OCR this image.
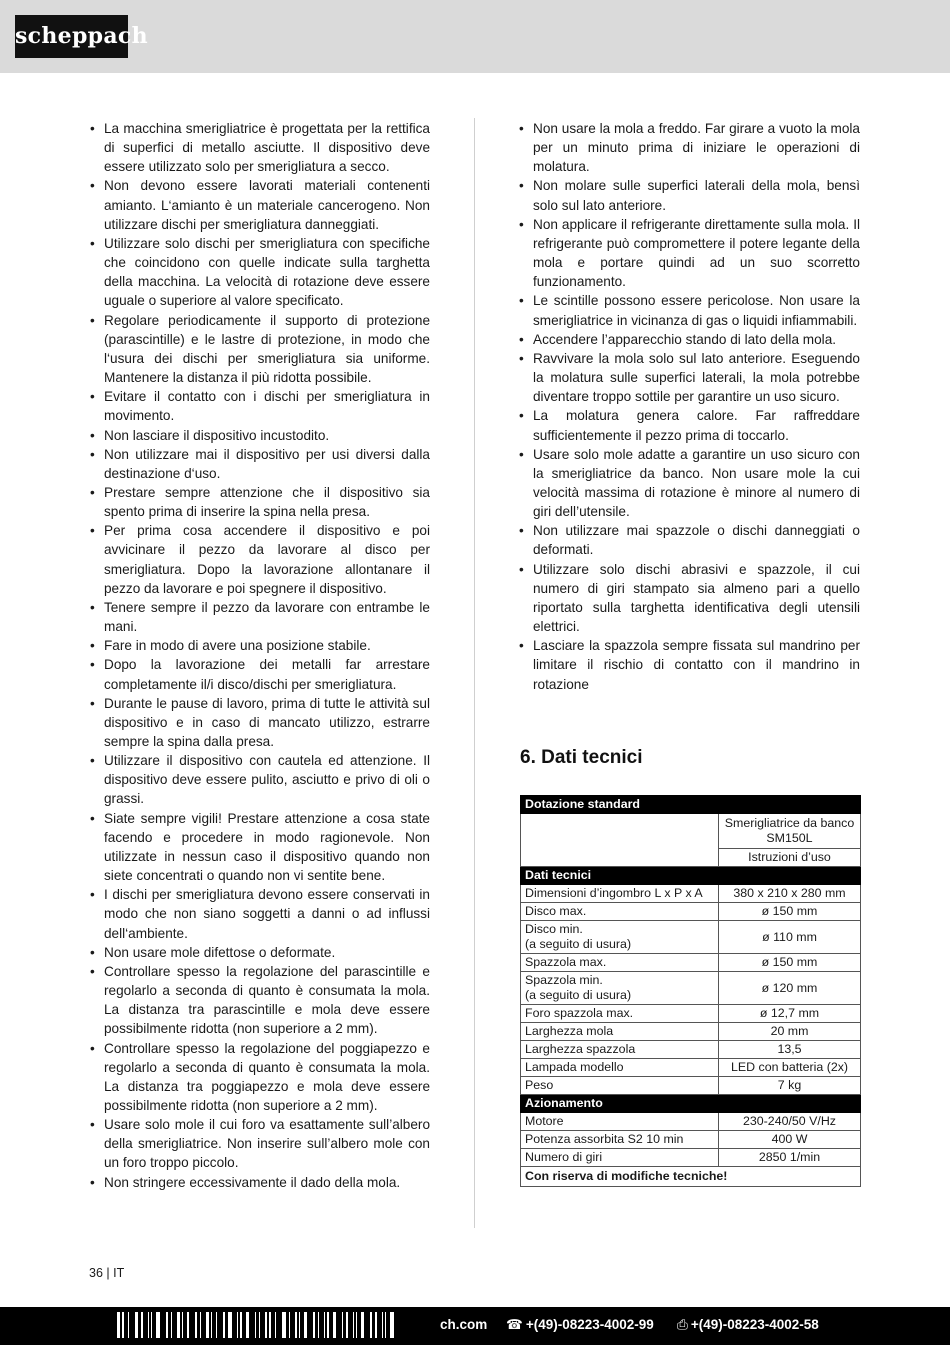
scheppach
• La macchina smerigliatrice è progettata per la rettifica di superfici di metallo asciutte. Il dispositivo deve essere utilizzato solo per smerigliatura a secco.
• Non devono essere lavorati materiali contenenti amianto. L‘amianto è un materiale cancerogeno. Non utilizzare dischi per smerigliatura danneggiati.
• Utilizzare solo dischi per smerigliatura con specifiche che coincidono con quelle indicate sulla targhetta della macchina. La velocità di rotazione deve essere uguale o superiore al valore specificato.
• Regolare periodicamente il supporto di protezione (parascintille) e le lastre di protezione, in modo che l‘usura dei dischi per smerigliatura sia uniforme. Mantenere la distanza il più ridotta possibile.
• Evitare il contatto con i dischi per smerigliatura in movimento.
• Non lasciare il dispositivo incustodito.
• Non utilizzare mai il dispositivo per usi diversi dalla destinazione d‘uso.
• Prestare sempre attenzione che il dispositivo sia spento prima di inserire la spina nella presa.
• Per prima cosa accendere il dispositivo e poi avvicinare il pezzo da lavorare al disco per smerigliatura. Dopo la lavorazione allontanare il pezzo da lavorare e poi spegnere il dispositivo.
• Tenere sempre il pezzo da lavorare con entrambe le mani.
• Fare in modo di avere una posizione stabile.
• Dopo la lavorazione dei metalli far arrestare completamente il/i disco/dischi per smerigliatura.
• Durante le pause di lavoro, prima di tutte le attività sul dispositivo e in caso di mancato utilizzo, estrarre sempre la spina dalla presa.
• Utilizzare il dispositivo con cautela ed attenzione. Il dispositivo deve essere pulito, asciutto e privo di oli o grassi.
• Siate sempre vigili! Prestare attenzione a cosa state facendo e procedere in modo ragionevole. Non utilizzate in nessun caso il dispositivo quando non siete concentrati o quando non vi sentite bene.
• I dischi per smerigliatura devono essere conservati in modo che non siano soggetti a danni o ad influssi dell‘ambiente.
• Non usare mole difettose o deformate.
• Controllare spesso la regolazione del parascintille e regolarlo a seconda di quanto è consumata la mola. La distanza tra parascintille e mola deve essere possibilmente ridotta (non superiore a 2 mm).
• Controllare spesso la regolazione del poggiapezzo e regolarlo a seconda di quanto è consumata la mola. La distanza tra poggiapezzo e mola deve essere possibilmente ridotta (non superiore a 2 mm).
• Usare solo mole il cui foro va esattamente sull’albero della smerigliatrice. Non inserire sull’albero mole con un foro troppo piccolo.
• Non stringere eccessivamente il dado della mola.
• Non usare la mola a freddo. Far girare a vuoto la mola per un minuto prima di iniziare le operazioni di molatura.
• Non molare sulle superfici laterali della mola, bensì solo sul lato anteriore.
• Non applicare il refrigerante direttamente sulla mola. Il refrigerante può compromettere il potere legante della mola e portare quindi ad un suo scorretto funzionamento.
• Le scintille possono essere pericolose. Non usare la smerigliatrice in vicinanza di gas o liquidi infiammabili.
• Accendere l’apparecchio stando di lato della mola.
• Ravvivare la mola solo sul lato anteriore. Eseguendo la molatura sulle superfici laterali, la mola potrebbe diventare troppo sottile per garantire un uso sicuro.
• La molatura genera calore. Far raffreddare sufficientemente il pezzo prima di toccarlo.
• Usare solo mole adatte a garantire un uso sicuro con la smerigliatrice da banco. Non usare mole la cui velocità massima di rotazione è minore al numero di giri dell’utensile.
• Non utilizzare mai spazzole o dischi danneggiati o deformati.
• Utilizzare solo dischi abrasivi e spazzole, il cui numero di giri stampato sia almeno pari a quello riportato sulla targhetta identificativa degli utensili elettrici.
• Lasciare la spazzola sempre fissata sul mandrino per limitare il rischio di contatto con il mandrino in rotazione
6. Dati tecnici
Dotazione standard	
	Smerigliatrice da banco SM150L
	Istruzioni d’uso
Dati tecnici	
Dimensioni d’ingombro L x P x A	380 x 210 x 280 mm
Disco max.	ø 150 mm

Disco min.
(a seguito di usura)	ø 110 mm
Spazzola max.	ø 150 mm

Spazzola min.
(a seguito di usura)	ø 120 mm
Foro spazzola max.	ø 12,7 mm
Larghezza mola	20 mm
Larghezza spazzola	13,5
Lampada modello	LED con batteria (2x)
Peso	7 kg
Azionamento	
Motore	230-240/50 V/Hz
Potenza assorbita S2 10 min	400 W
Numero di giri	2850 1/min
Con riserva di modifiche tecniche!	
36 | IT
ch.com ☎ +(49)-08223-4002-99 ⎙ +(49)-08223-4002-58
